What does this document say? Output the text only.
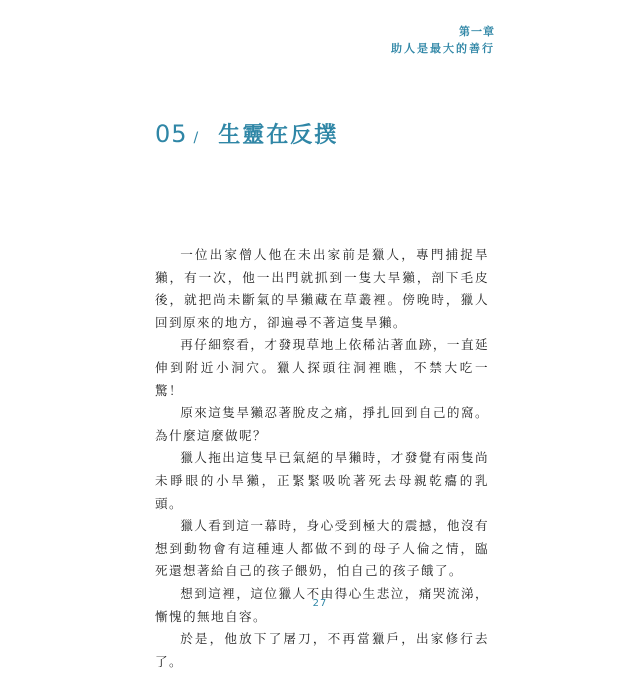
第一章
助人是最大的善行
05 / 生靈在反撲

一位出家僧人他在未出家前是獵人，專門捕捉旱獺，有一次，他一出門就抓到一隻大旱獺，剖下毛皮後，就把尚未斷氣的旱獺藏在草叢裡。傍晚時，獵人回到原來的地方，卻遍尋不著這隻旱獺。

再仔細察看，才發現草地上依稀沾著血跡，一直延伸到附近小洞穴。獵人探頭往洞裡瞧，不禁大吃一驚！

原來這隻旱獺忍著脫皮之痛，掙扎回到自己的窩。為什麼這麼做呢？

獵人拖出這隻早已氣絕的旱獺時，才發覺有兩隻尚未睜眼的小旱獺，正緊緊吸吮著死去母親乾癟的乳頭。

獵人看到這一幕時，身心受到極大的震撼，他沒有想到動物會有這種連人都做不到的母子人倫之情，臨死還想著給自己的孩子餵奶，怕自己的孩子餓了。

想到這裡，這位獵人不由得心生悲泣，痛哭流涕，慚愧的無地自容。

於是，他放下了屠刀，不再當獵戶，出家修行去了。

27
